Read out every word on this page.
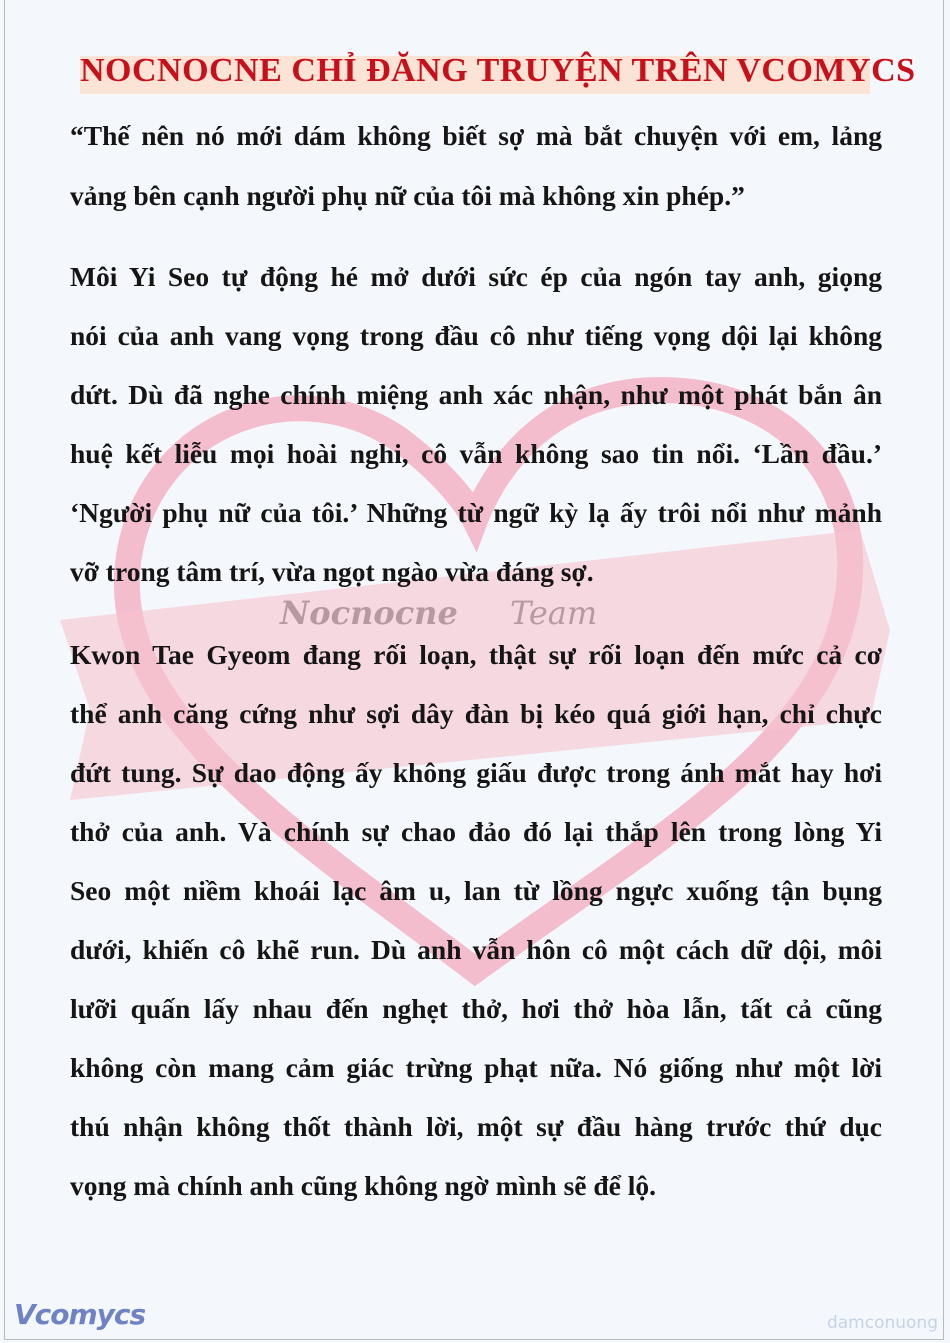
Nocnocne Team
NOCNOCNE CHỈ ĐĂNG TRUYỆN TRÊN VCOMYCS
“Thế nên nó mới dám không biết sợ mà bắt chuyện với em, lảng
vảng bên cạnh người phụ nữ của tôi mà không xin phép.”
Môi Yi Seo tự động hé mở dưới sức ép của ngón tay anh, giọng
nói của anh vang vọng trong đầu cô như tiếng vọng dội lại không
dứt. Dù đã nghe chính miệng anh xác nhận, như một phát bắn ân
huệ kết liễu mọi hoài nghi, cô vẫn không sao tin nổi. ‘Lần đầu.’
‘Người phụ nữ của tôi.’ Những từ ngữ kỳ lạ ấy trôi nổi như mảnh
vỡ trong tâm trí, vừa ngọt ngào vừa đáng sợ.
Kwon Tae Gyeom đang rối loạn, thật sự rối loạn đến mức cả cơ
thể anh căng cứng như sợi dây đàn bị kéo quá giới hạn, chỉ chực
đứt tung. Sự dao động ấy không giấu được trong ánh mắt hay hơi
thở của anh. Và chính sự chao đảo đó lại thắp lên trong lòng Yi
Seo một niềm khoái lạc âm u, lan từ lồng ngực xuống tận bụng
dưới, khiến cô khẽ run. Dù anh vẫn hôn cô một cách dữ dội, môi
lưỡi quấn lấy nhau đến nghẹt thở, hơi thở hòa lẫn, tất cả cũng
không còn mang cảm giác trừng phạt nữa. Nó giống như một lời
thú nhận không thốt thành lời, một sự đầu hàng trước thứ dục
vọng mà chính anh cũng không ngờ mình sẽ để lộ.
Vcomycs	damconuong
